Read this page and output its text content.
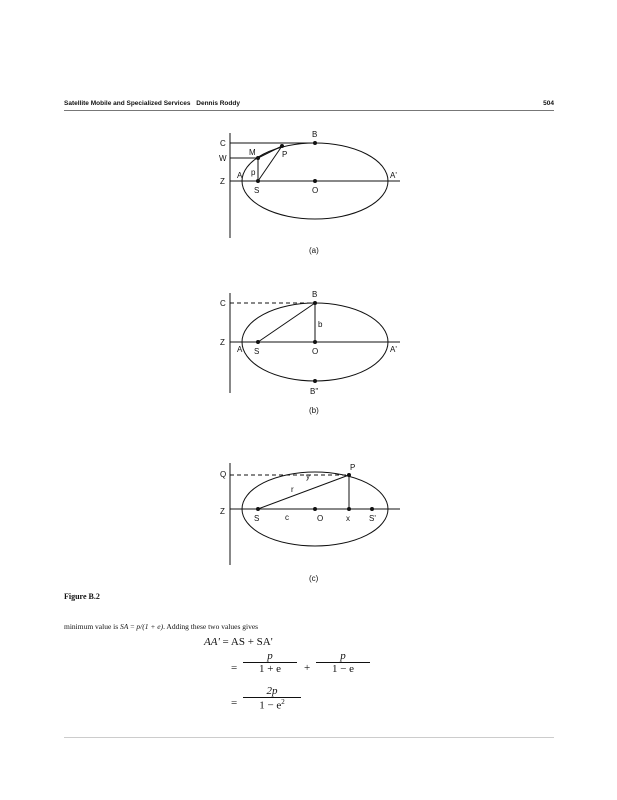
Satellite Mobile and Specialized Services Dennis Roddy	504
C
W
Z
B
M	P
p
A
S	O
A'
(a)
C
Z
B
b
A S	O	A'
B''
(b)
Q	y
P
r
Z
S	c	O	x S'
(c)
Figure B.2
minimum value is SA = p/(1 + e). Adding these two values gives
AA' = AS + SA'
= $\frac{p}{1 + e} + \frac{p}{1 - e}$
= $\frac{2p}{1 - e^2}$
